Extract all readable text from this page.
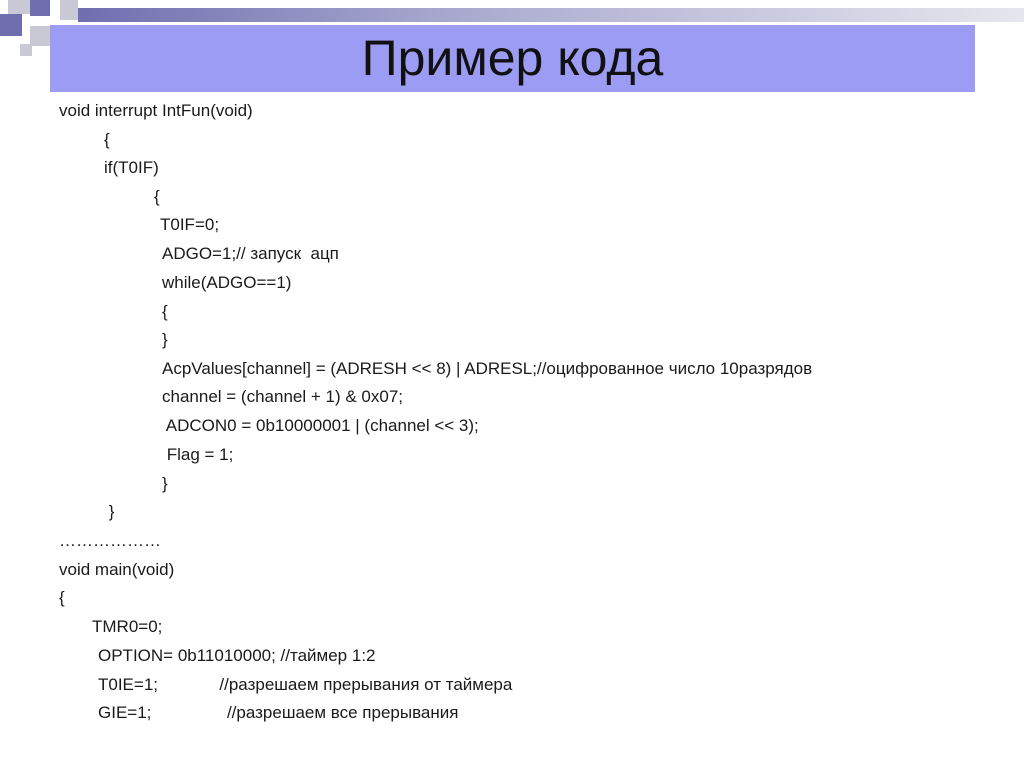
Пример кода
void interrupt IntFun(void)
{
if(T0IF)
{
T0IF=0;
ADGO=1;// запуск  ацп
while(ADGO==1)
{
}
AcpValues[channel] = (ADRESH << 8) | ADRESL;//оцифрованное число 10разрядов
channel = (channel + 1) & 0x07;
ADCON0 = 0b10000001 | (channel << 3);
Flag = 1;
}
}
………………
void main(void)
{
TMR0=0;
OPTION= 0b11010000; //таймер 1:2
T0IE=1;             //разрешаем прерывания от таймера
GIE=1;                //разрешаем все прерывания
